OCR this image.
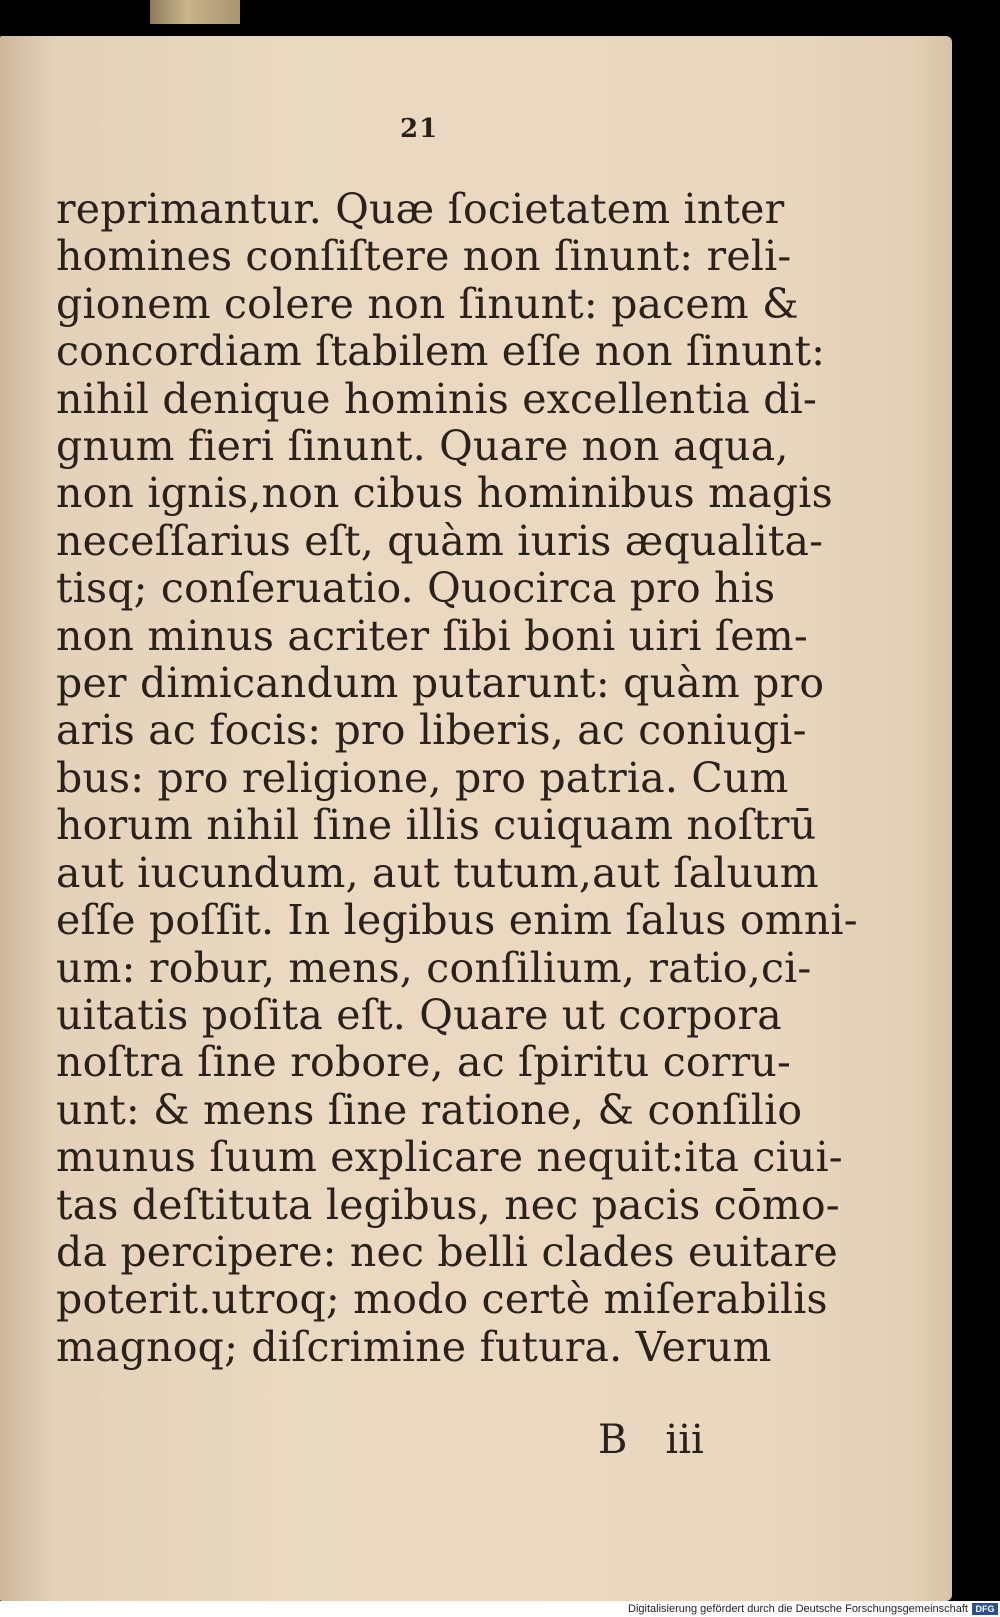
21
reprimantur. Quæ ſocietatem inter
homines conſiſtere non ſinunt: reli-
gionem colere non ſinunt: pacem &
concordiam ſtabilem eſſe non ſinunt:
nihil denique hominis excellentia di-
gnum fieri ſinunt. Quare non aqua,
non ignis,non cibus hominibus magis
neceſſarius eſt, quàm iuris æqualita-
tisq; conſeruatio. Quocirca pro his
non minus acriter ſibi boni uiri ſem-
per dimicandum putarunt: quàm pro
aris ac focis: pro liberis, ac coniugi-
bus: pro religione, pro patria. Cum
horum nihil ſine illis cuiquam noſtrū
aut iucundum, aut tutum,aut ſaluum
eſſe poſſit. In legibus enim ſalus omni-
um: robur, mens, conſilium, ratio,ci-
uitatis poſita eſt. Quare ut corpora
noſtra ſine robore, ac ſpiritu corru-
unt: & mens ſine ratione, & conſilio
munus ſuum explicare nequit:ita ciui-
tas deſtituta legibus, nec pacis cōmo-
da percipere: nec belli clades euitare
poterit.utroq; modo certè miſerabilis
magnoq; diſcrimine futura. Verum
B iii
Digitalisierung gefördert durch die Deutsche Forschungsgemeinschaft DFG
